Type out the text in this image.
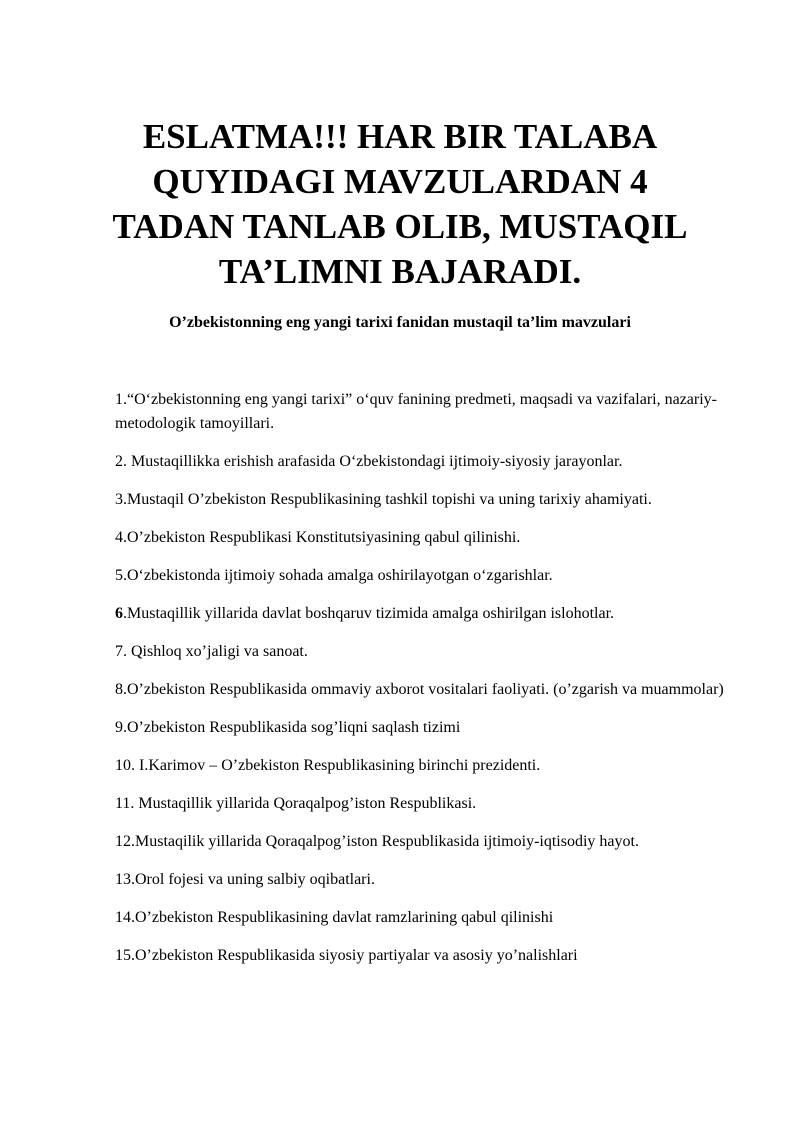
ESLATMA!!! HAR BIR TALABA QUYIDAGI MAVZULARDAN 4 TADAN TANLAB OLIB, MUSTAQIL TA’LIMNI BAJARADI.
O’zbekistonning eng yangi tarixi fanidan mustaqil ta’lim mavzulari
1.“O‘zbekistonning eng yangi tarixi” o‘quv fanining predmeti, maqsadi va vazifalari, nazariy-metodologik tamoyillari.
2. Mustaqillikka erishish arafasida O‘zbekistondagi ijtimoiy-siyosiy jarayonlar.
3.Mustaqil O’zbekiston Respublikasining tashkil topishi va uning tarixiy ahamiyati.
4.O’zbekiston Respublikasi Konstitutsiyasining qabul qilinishi.
5.O‘zbekistonda ijtimoiy sohada amalga oshirilayotgan o‘zgarishlar.
6.Mustaqillik yillarida davlat boshqaruv tizimida amalga oshirilgan islohotlar.
7. Qishloq xo’jaligi va sanoat.
8.O’zbekiston Respublikasida ommaviy axborot vositalari faoliyati. (o’zgarish va muammolar)
9.O’zbekiston Respublikasida sog’liqni saqlash tizimi
10. I.Karimov – O’zbekiston Respublikasining birinchi prezidenti.
11. Mustaqillik yillarida Qoraqalpog’iston Respublikasi.
12.Mustaqilik yillarida Qoraqalpog’iston Respublikasida ijtimoiy-iqtisodiy hayot.
13.Orol fojesi va uning salbiy oqibatlari.
14.O’zbekiston Respublikasining davlat ramzlarining qabul qilinishi
15.O’zbekiston Respublikasida siyosiy partiyalar va asosiy yo’nalishlari
